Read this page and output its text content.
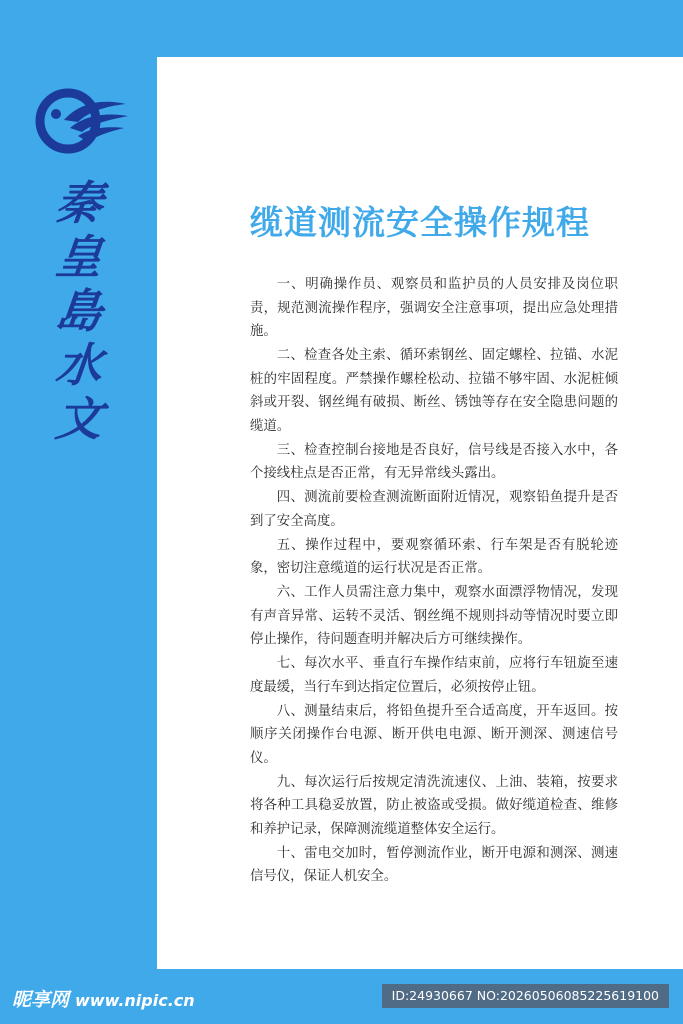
秦
皇
島
水
文
缆道测流安全操作规程

一、明确操作员、观察员和监护员的人员安排及岗位职责，规范测流操作程序，强调安全注意事项，提出应急处理措施。

二、检查各处主索、循环索钢丝、固定螺栓、拉锚、水泥桩的牢固程度。严禁操作螺栓松动、拉锚不够牢固、水泥桩倾斜或开裂、钢丝绳有破损、断丝、锈蚀等存在安全隐患问题的缆道。

三、检查控制台接地是否良好，信号线是否接入水中，各个接线柱点是否正常，有无异常线头露出。

四、测流前要检查测流断面附近情况，观察铅鱼提升是否到了安全高度。

五、操作过程中，要观察循环索、行车架是否有脱轮迹象，密切注意缆道的运行状况是否正常。

六、工作人员需注意力集中，观察水面漂浮物情况，发现有声音异常、运转不灵活、钢丝绳不规则抖动等情况时要立即停止操作，待问题查明并解决后方可继续操作。

七、每次水平、垂直行车操作结束前，应将行车钮旋至速度最缓，当行车到达指定位置后，必须按停止钮。

八、测量结束后，将铅鱼提升至合适高度，开车返回。按顺序关闭操作台电源、断开供电电源、断开测深、测速信号仪。

九、每次运行后按规定清洗流速仪、上油、装箱，按要求将各种工具稳妥放置，防止被盗或受损。做好缆道检查、维修和养护记录，保障测流缆道整体安全运行。

十、雷电交加时，暂停测流作业，断开电源和测深、测速信号仪，保证人机安全。

昵享网 www.nipic.cn	ID:24930667 NO:20260506085225619100
